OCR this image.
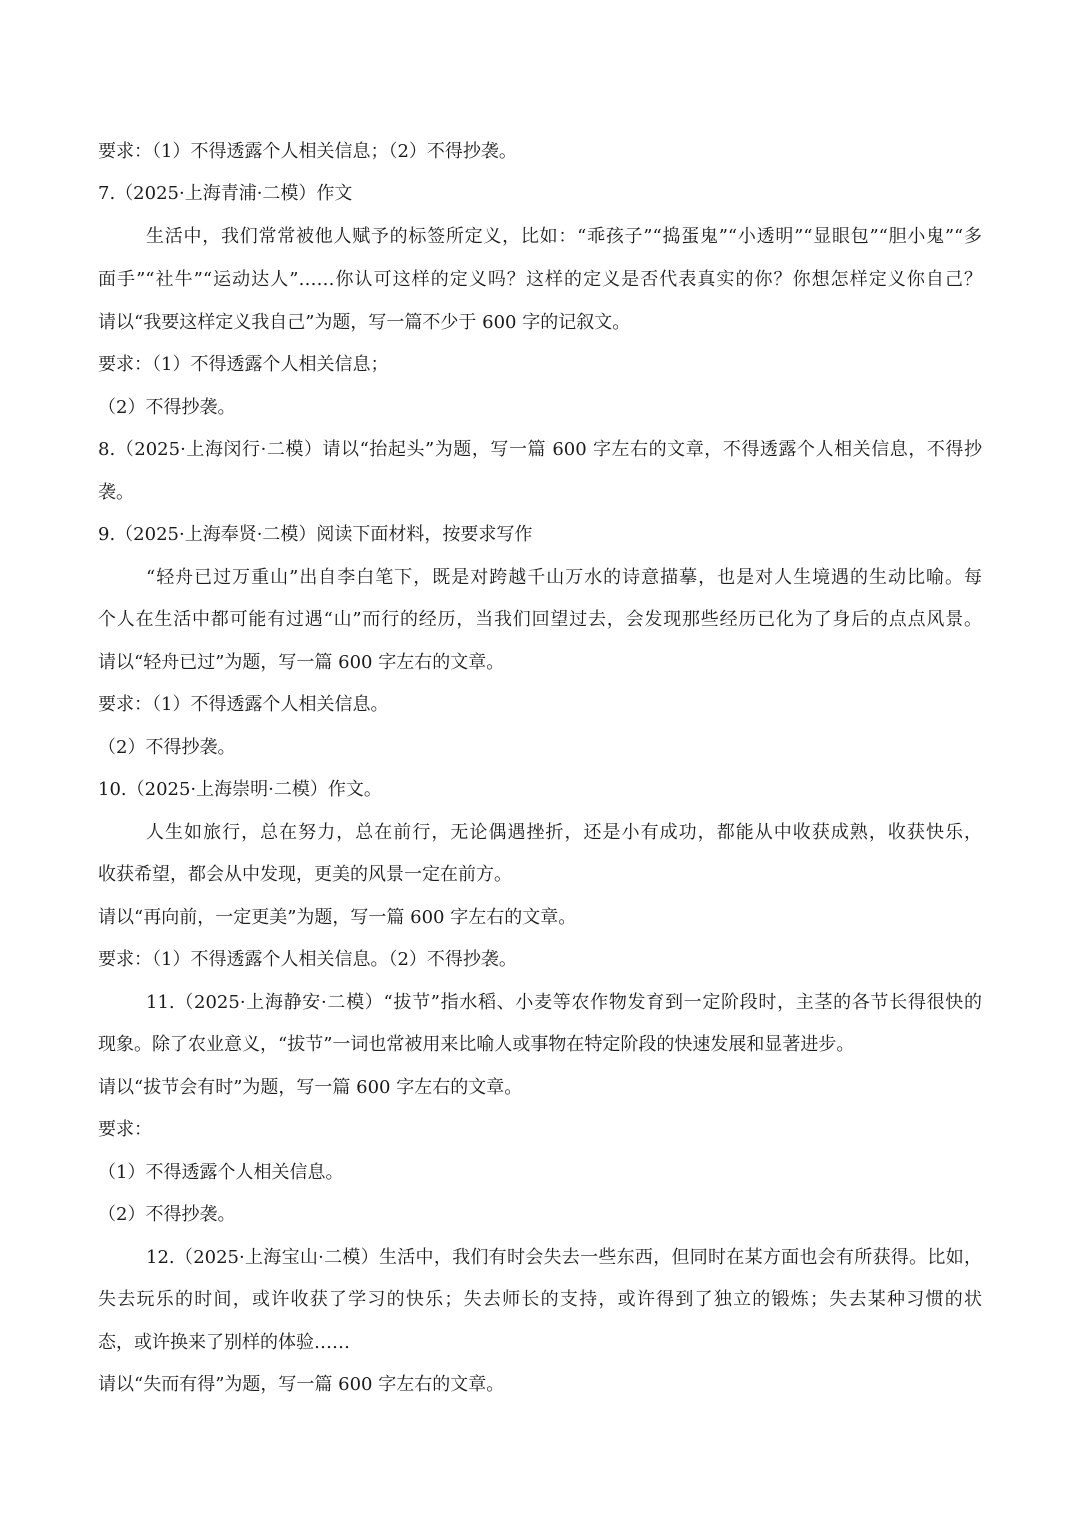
要求：（1）不得透露个人相关信息；（2）不得抄袭。
7.（2025·上海青浦·二模）作文
生活中，我们常常被他人赋予的标签所定义，比如：“乖孩子”“捣蛋鬼”“小透明”“显眼包”“胆小鬼”“多
面手”“社牛”“运动达人”……你认可这样的定义吗？这样的定义是否代表真实的你？你想怎样定义你自己？
请以“我要这样定义我自己”为题，写一篇不少于 600 字的记叙文。
要求：（1）不得透露个人相关信息；
（2）不得抄袭。
8.（2025·上海闵行·二模）请以“抬起头”为题，写一篇 600 字左右的文章，不得透露个人相关信息，不得抄
袭。
9.（2025·上海奉贤·二模）阅读下面材料，按要求写作
“轻舟已过万重山”出自李白笔下，既是对跨越千山万水的诗意描摹，也是对人生境遇的生动比喻。每
个人在生活中都可能有过遇“山”而行的经历，当我们回望过去，会发现那些经历已化为了身后的点点风景。
请以“轻舟已过”为题，写一篇 600 字左右的文章。
要求：（1）不得透露个人相关信息。
（2）不得抄袭。
10.（2025·上海崇明·二模）作文。
人生如旅行，总在努力，总在前行，无论偶遇挫折，还是小有成功，都能从中收获成熟，收获快乐，
收获希望，都会从中发现，更美的风景一定在前方。
请以“再向前，一定更美”为题，写一篇 600 字左右的文章。
要求：（1）不得透露个人相关信息。（2）不得抄袭。
11.（2025·上海静安·二模）“拔节”指水稻、小麦等农作物发育到一定阶段时，主茎的各节长得很快的
现象。除了农业意义，“拔节”一词也常被用来比喻人或事物在特定阶段的快速发展和显著进步。
请以“拔节会有时”为题，写一篇 600 字左右的文章。
要求：
（1）不得透露个人相关信息。
（2）不得抄袭。
12.（2025·上海宝山·二模）生活中，我们有时会失去一些东西，但同时在某方面也会有所获得。比如，
失去玩乐的时间，或许收获了学习的快乐；失去师长的支持，或许得到了独立的锻炼；失去某种习惯的状
态，或许换来了别样的体验……
请以“失而有得”为题，写一篇 600 字左右的文章。
